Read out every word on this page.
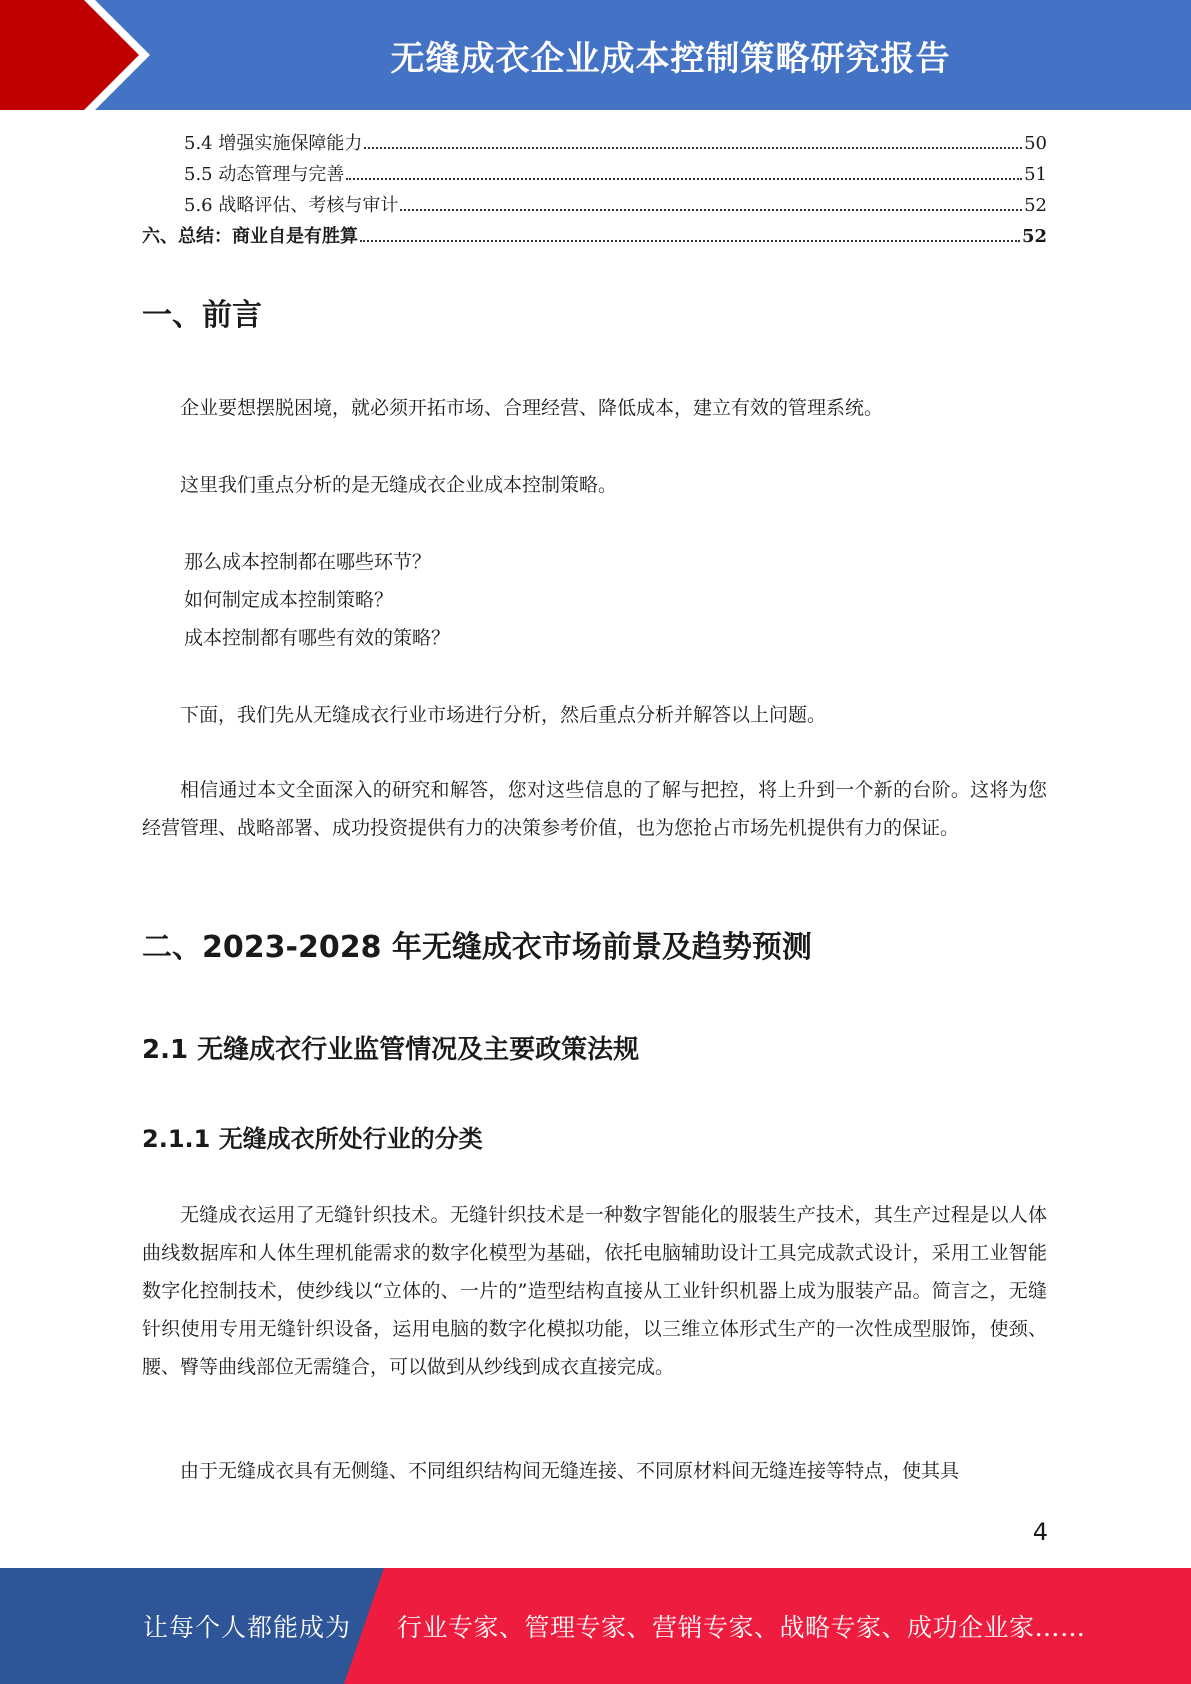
无缝成衣企业成本控制策略研究报告
5.4 增强实施保障能力	50
5.5 动态管理与完善	51
5.6 战略评估、考核与审计	52
六、总结：商业自是有胜算	52
一、前言

企业要想摆脱困境，就必须开拓市场、合理经营、降低成本，建立有效的管理系统。

这里我们重点分析的是无缝成衣企业成本控制策略。

那么成本控制都在哪些环节？

如何制定成本控制策略？

成本控制都有哪些有效的策略？

下面，我们先从无缝成衣行业市场进行分析，然后重点分析并解答以上问题。

相信通过本文全面深入的研究和解答，您对这些信息的了解与把控，将上升到一个新的台阶。这将为您经营管理、战略部署、成功投资提供有力的决策参考价值，也为您抢占市场先机提供有力的保证。

二、2023-2028 年无缝成衣市场前景及趋势预测
2.1 无缝成衣行业监管情况及主要政策法规
2.1.1 无缝成衣所处行业的分类

无缝成衣运用了无缝针织技术。无缝针织技术是一种数字智能化的服装生产技术，其生产过程是以人体曲线数据库和人体生理机能需求的数字化模型为基础，依托电脑辅助设计工具完成款式设计，采用工业智能数字化控制技术，使纱线以“立体的、一片的”造型结构直接从工业针织机器上成为服装产品。简言之，无缝针织使用专用无缝针织设备，运用电脑的数字化模拟功能，以三维立体形式生产的一次性成型服饰，使颈、腰、臀等曲线部位无需缝合，可以做到从纱线到成衣直接完成。

由于无缝成衣具有无侧缝、不同组织结构间无缝连接、不同原材料间无缝连接等特点，使其具

4
让每个人都能成为 行业专家、管理专家、营销专家、战略专家、成功企业家……
